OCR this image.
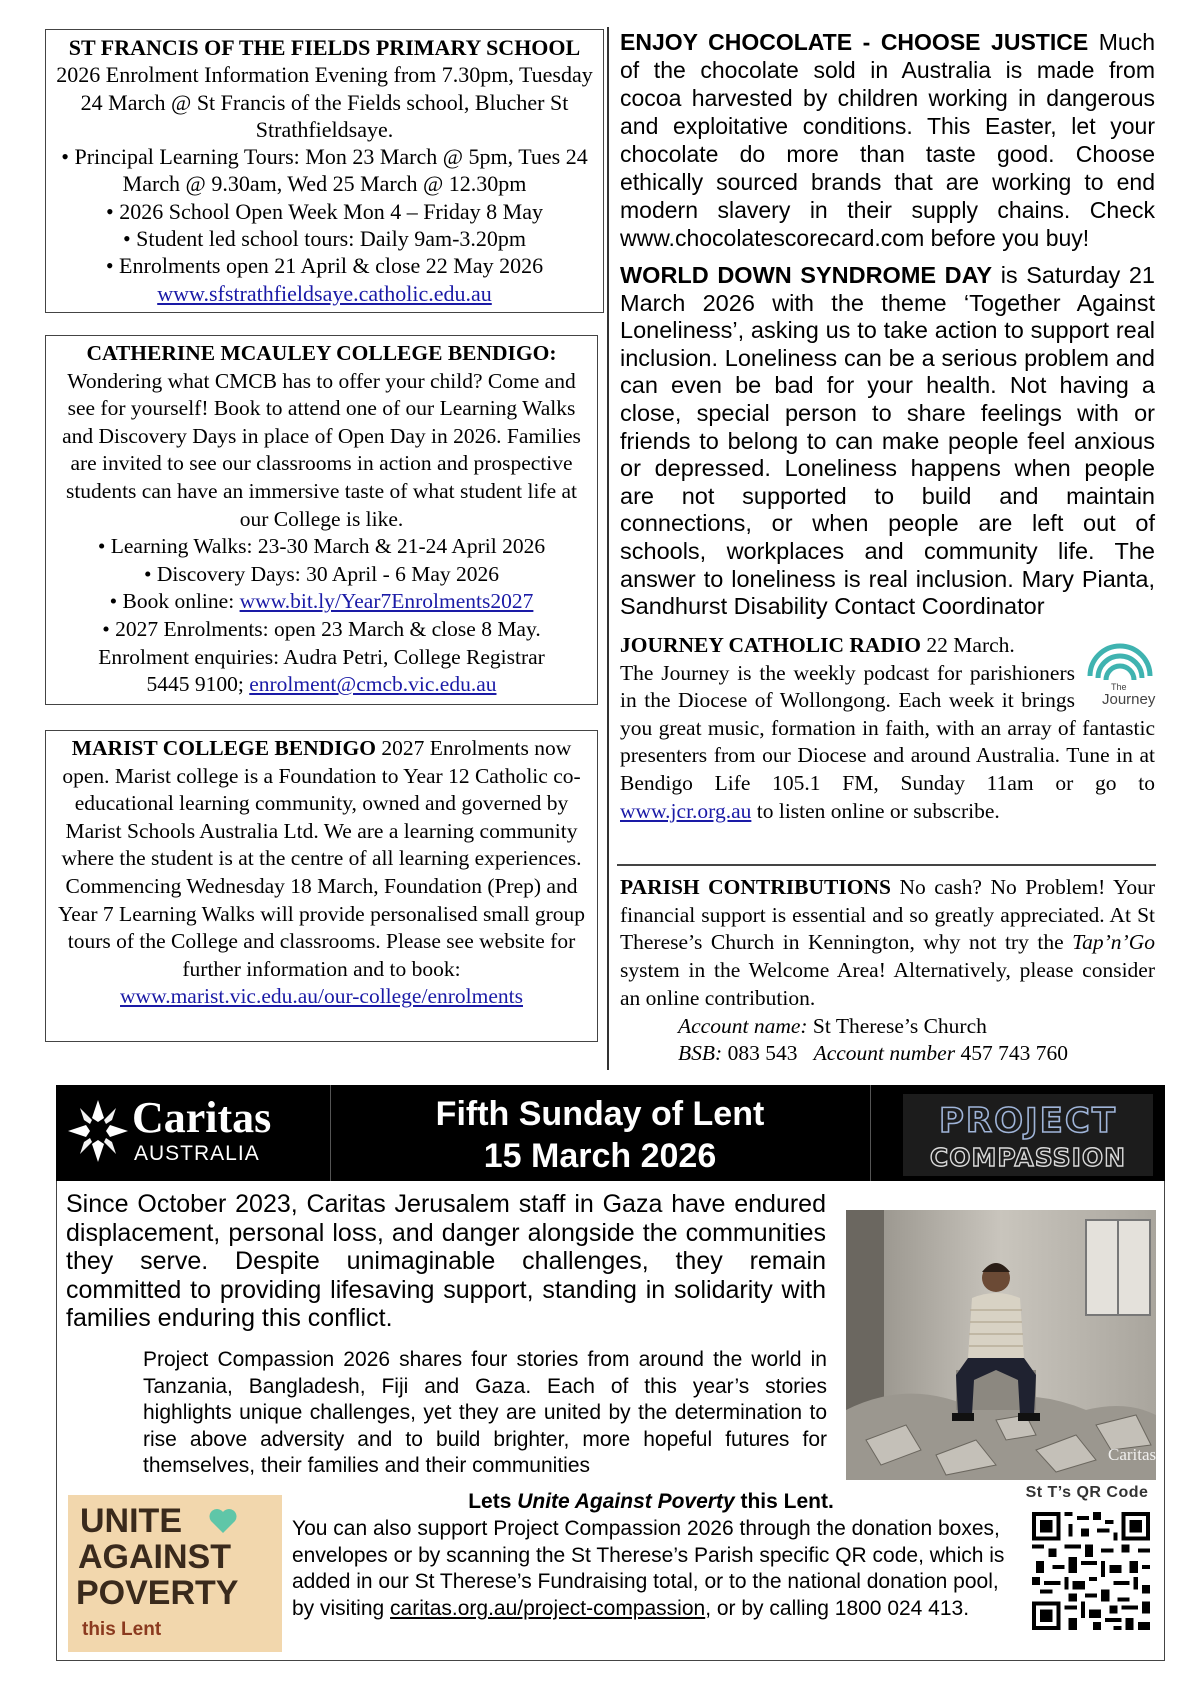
ST FRANCIS OF THE FIELDS PRIMARY SCHOOL 2026 Enrolment Information Evening from 7.30pm, Tuesday 24 March @ St Francis of the Fields school, Blucher St Strathfieldsaye.
• Principal Learning Tours: Mon 23 March @ 5pm, Tues 24 March @ 9.30am, Wed 25 March @ 12.30pm
• 2026 School Open Week Mon 4 – Friday 8 May
• Student led school tours: Daily 9am-3.20pm
• Enrolments open 21 April & close 22 May 2026
www.sfstrathfieldsaye.catholic.edu.au
CATHERINE MCAULEY COLLEGE BENDIGO:
Wondering what CMCB has to offer your child? Come and see for yourself! Book to attend one of our Learning Walks and Discovery Days in place of Open Day in 2026. Families are invited to see our classrooms in action and prospective students can have an immersive taste of what student life at our College is like.
• Learning Walks: 23-30 March & 21-24 April 2026
• Discovery Days: 30 April - 6 May 2026
• Book online: www.bit.ly/Year7Enrolments2027
• 2027 Enrolments: open 23 March & close 8 May.
Enrolment enquiries: Audra Petri, College Registrar
5445 9100; enrolment@cmcb.vic.edu.au
MARIST COLLEGE BENDIGO 2027 Enrolments now open. Marist college is a Foundation to Year 12 Catholic co-educational learning community, owned and governed by Marist Schools Australia Ltd. We are a learning community where the student is at the centre of all learning experiences. Commencing Wednesday 18 March, Foundation (Prep) and Year 7 Learning Walks will provide personalised small group tours of the College and classrooms. Please see website for further information and to book:
www.marist.vic.edu.au/our-college/enrolments

ENJOY CHOCOLATE - CHOOSE JUSTICE Much of the chocolate sold in Australia is made from cocoa harvested by children working in dangerous and exploitative conditions. This Easter, let your chocolate do more than taste good. Choose ethically sourced brands that are working to end modern slavery in their supply chains. Check www.chocolatescorecard.com before you buy!

WORLD DOWN SYNDROME DAY is Saturday 21 March 2026 with the theme ‘Together Against Loneliness’, asking us to take action to support real inclusion. Loneliness can be a serious problem and can even be bad for your health. Not having a close, special person to share feelings with or friends to belong to can make people feel anxious or depressed. Loneliness happens when people are not supported to build and maintain connections, or when people are left out of schools, workplaces and community life. The answer to loneliness is real inclusion. Mary Pianta, Sandhurst Disability Contact Coordinator

The
Journey
JOURNEY CATHOLIC RADIO 22 March.
The Journey is the weekly podcast for parishioners in the Diocese of Wollongong. Each week it brings you great music, formation in faith, with an array of fantastic presenters from our Diocese and around Australia. Tune in at Bendigo Life 105.1 FM, Sunday 11am or go to www.jcr.org.au to listen online or subscribe.

PARISH CONTRIBUTIONS No cash? No Problem! Your financial support is essential and so greatly appreciated. At St Therese’s Church in Kennington, why not try the Tap’n’Go system in the Welcome Area! Alternatively, please consider an online contribution.

Account name: St Therese’s Church

BSB: 083 543 Account number 457 743 760

Caritas
AUSTRALIA
Fifth Sunday of Lent
15 March 2026
PROJECT
COMPASSION

Since October 2023, Caritas Jerusalem staff in Gaza have endured displacement, personal loss, and danger alongside the communities they serve. Despite unimaginable challenges, they remain committed to providing lifesaving support, standing in solidarity with families enduring this conflict.

Caritas

Project Compassion 2026 shares four stories from around the world in Tanzania, Bangladesh, Fiji and Gaza. Each of this year’s stories highlights unique challenges, yet they are united by the determination to rise above adversity and to build brighter, more hopeful futures for themselves, their families and their communities

UNITE
AGAINST
POVERTY
this Lent
St T’s QR Code

Lets Unite Against Poverty this Lent.

You can also support Project Compassion 2026 through the donation boxes, envelopes or by scanning the St Therese’s Parish specific QR code, which is added in our St Therese’s Fundraising total, or to the national donation pool, by visiting caritas.org.au/project-compassion, or by calling 1800 024 413.
